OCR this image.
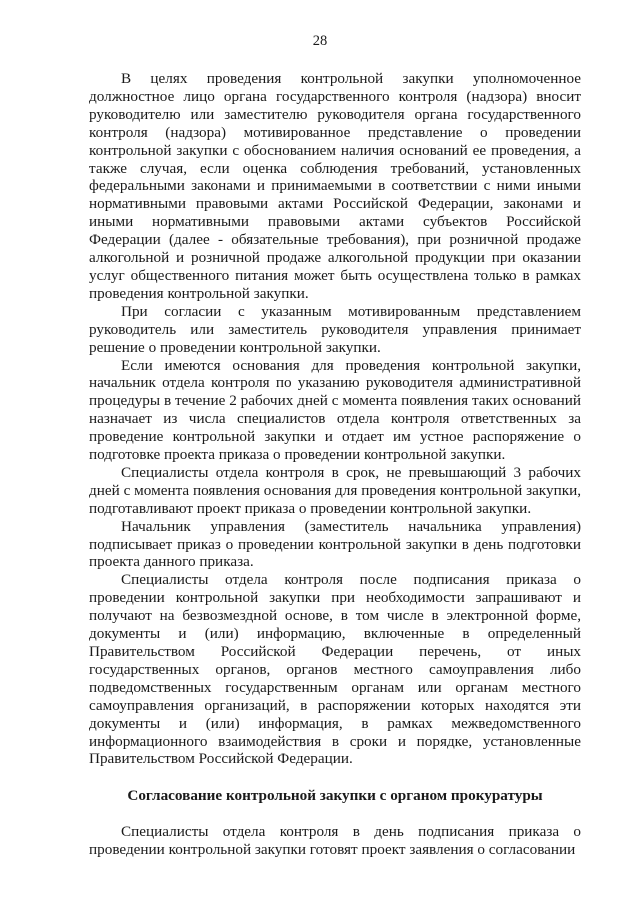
28

В целях проведения контрольной закупки уполномоченное должностное лицо органа государственного контроля (надзора) вносит руководителю или заместителю руководителя органа государственного контроля (надзора) мотивированное представление о проведении контрольной закупки с обоснованием наличия оснований ее проведения, а также случая, если оценка соблюдения требований, установленных федеральными законами и принимаемыми в соответствии с ними иными нормативными правовыми актами Российской Федерации, законами и иными нормативными правовыми актами субъектов Российской Федерации (далее - обязательные требования), при розничной продаже алкогольной и розничной продаже алкогольной продукции при оказании услуг общественного питания может быть осуществлена только в рамках проведения контрольной закупки.

При согласии с указанным мотивированным представлением руководитель или заместитель руководителя управления принимает решение о проведении контрольной закупки.

Если имеются основания для проведения контрольной закупки, начальник отдела контроля по указанию руководителя административной процедуры в течение 2 рабочих дней с момента появления таких оснований назначает из числа специалистов отдела контроля ответственных за проведение контрольной закупки и отдает им устное распоряжение о подготовке проекта приказа о проведении контрольной закупки.

Специалисты отдела контроля в срок, не превышающий 3 рабочих дней с момента появления основания для проведения контрольной закупки, подготавливают проект приказа о проведении контрольной закупки.

Начальник управления (заместитель начальника управления) подписывает приказ о проведении контрольной закупки в день подготовки проекта данного приказа.

Специалисты отдела контроля после подписания приказа о проведении контрольной закупки при необходимости запрашивают и получают на безвозмездной основе, в том числе в электронной форме, документы и (или) информацию, включенные в определенный Правительством Российской Федерации перечень, от иных государственных органов, органов местного самоуправления либо подведомственных государственным органам или органам местного самоуправления организаций, в распоряжении которых находятся эти документы и (или) информация, в рамках межведомственного информационного взаимодействия в сроки и порядке, установленные Правительством Российской Федерации.

Согласование контрольной закупки с органом прокуратуры

Специалисты отдела контроля в день подписания приказа о проведении контрольной закупки готовят проект заявления о согласовании
